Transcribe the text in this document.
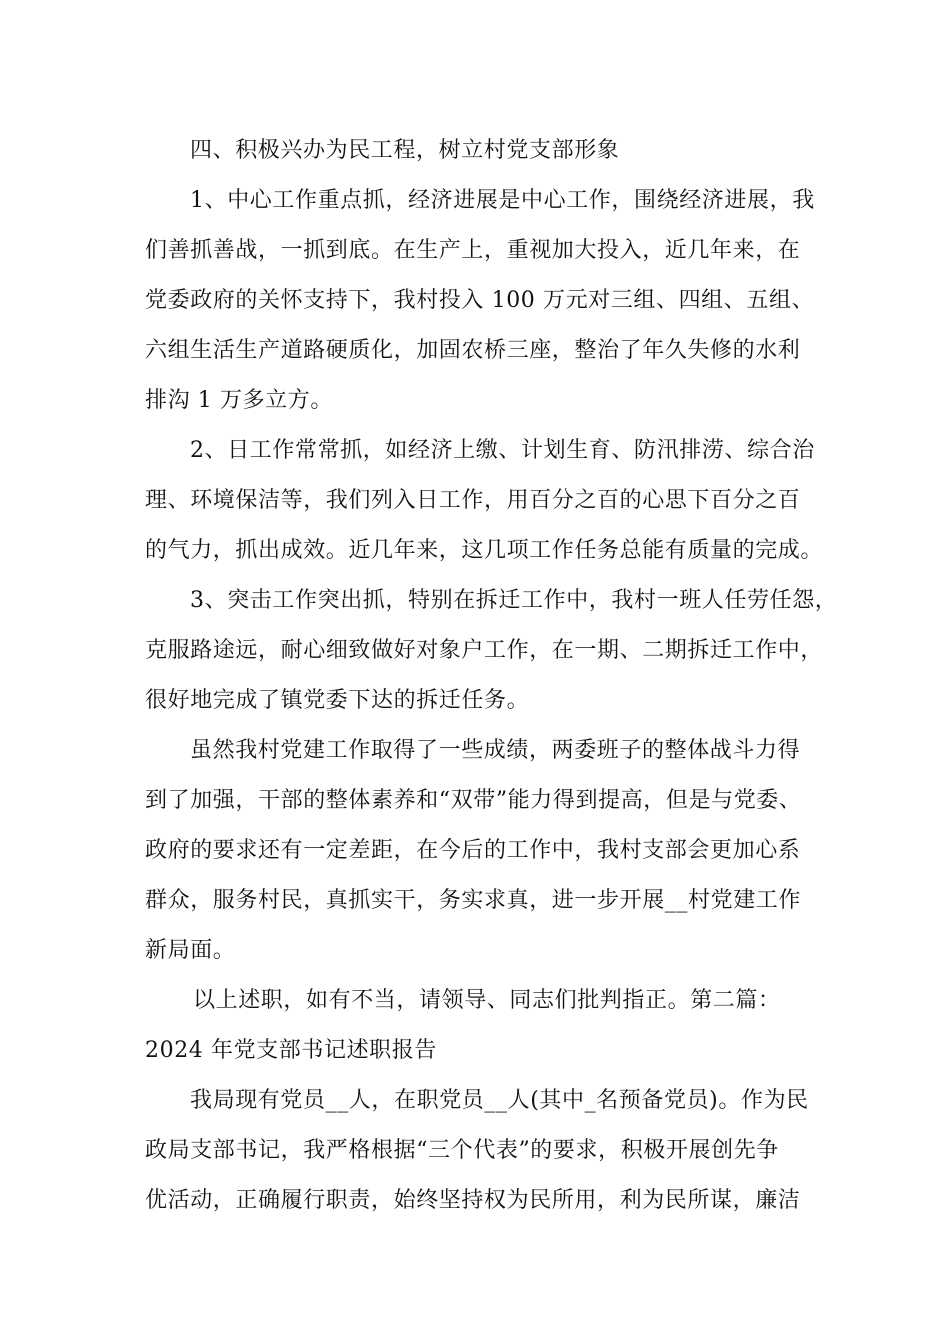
四、积极兴办为民工程，树立村党支部形象
1、中心工作重点抓，经济进展是中心工作，围绕经济进展，我
们善抓善战，一抓到底。在生产上，重视加大投入，近几年来，在
党委政府的关怀支持下，我村投入 100 万元对三组、四组、五组、
六组生活生产道路硬质化，加固农桥三座，整治了年久失修的水利
排沟 1 万多立方。
2、日工作常常抓，如经济上缴、计划生育、防汛排涝、综合治
理、环境保洁等，我们列入日工作，用百分之百的心思下百分之百
的气力，抓出成效。近几年来，这几项工作任务总能有质量的完成。
3、突击工作突出抓，特别在拆迁工作中，我村一班人任劳任怨，
克服路途远，耐心细致做好对象户工作，在一期、二期拆迁工作中，
很好地完成了镇党委下达的拆迁任务。
虽然我村党建工作取得了一些成绩，两委班子的整体战斗力得
到了加强，干部的整体素养和“双带”能力得到提高，但是与党委、
政府的要求还有一定差距，在今后的工作中，我村支部会更加心系
群众，服务村民，真抓实干，务实求真，进一步开展__村党建工作
新局面。
以上述职，如有不当，请领导、同志们批判指正。第二篇：
2024 年党支部书记述职报告
我局现有党员__人，在职党员__人(其中_名预备党员)。作为民
政局支部书记，我严格根据“三个代表”的要求，积极开展创先争
优活动，正确履行职责，始终坚持权为民所用，利为民所谋，廉洁
